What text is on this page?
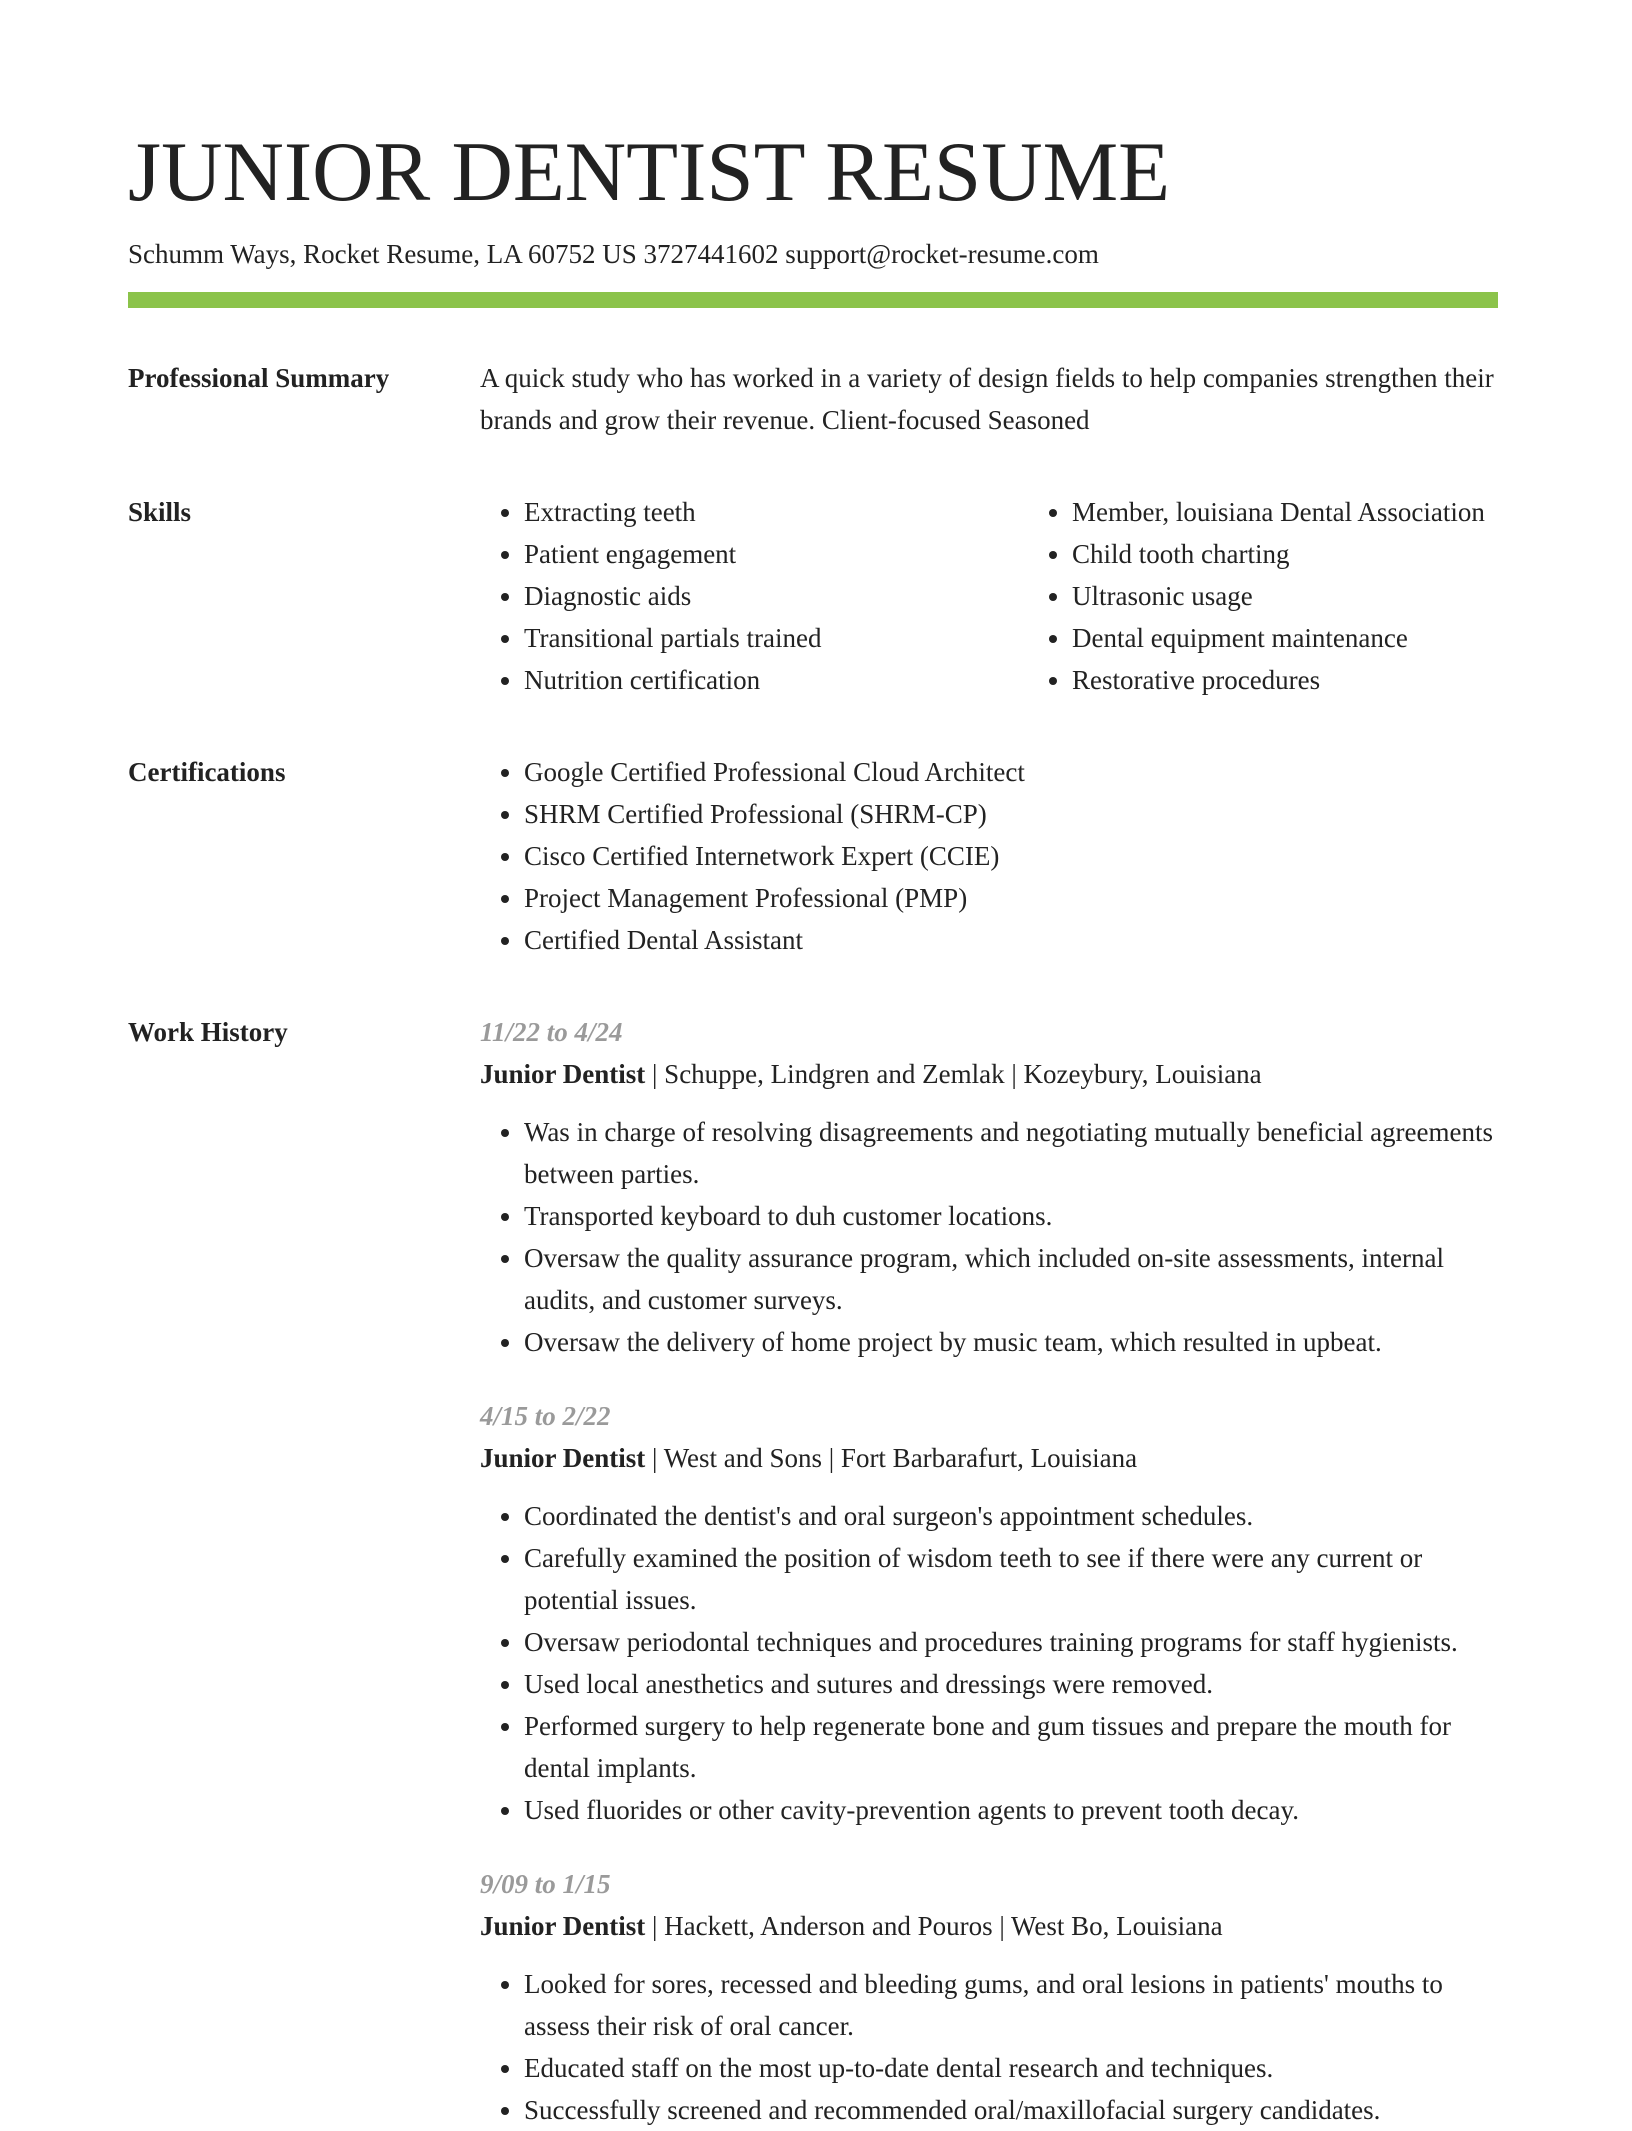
JUNIOR DENTIST RESUME
Schumm Ways, Rocket Resume, LA 60752 US 3727441602 support@rocket-resume.com
Professional Summary	A quick study who has worked in a variety of design fields to help companies strengthen their brands and grow their revenue. Client-focused Seasoned

Skills	• Extracting teeth
• Patient engagement
• Diagnostic aids
• Transitional partials trained
• Nutrition certification
• Member, louisiana Dental Association
• Child tooth charting
• Ultrasonic usage
• Dental equipment maintenance
• Restorative procedures
Certifications	• Google Certified Professional Cloud Architect
• SHRM Certified Professional (SHRM-CP)
• Cisco Certified Internetwork Expert (CCIE)
• Project Management Professional (PMP)
• Certified Dental Assistant
Work History	11/22 to 4/24
Junior Dentist | Schuppe, Lindgren and Zemlak | Kozeybury, Louisiana
• Was in charge of resolving disagreements and negotiating mutually beneficial agreements between parties.
• Transported keyboard to duh customer locations.
• Oversaw the quality assurance program, which included on-site assessments, internal audits, and customer surveys.
• Oversaw the delivery of home project by music team, which resulted in upbeat.
4/15 to 2/22
Junior Dentist | West and Sons | Fort Barbarafurt, Louisiana
• Coordinated the dentist's and oral surgeon's appointment schedules.
• Carefully examined the position of wisdom teeth to see if there were any current or potential issues.
• Oversaw periodontal techniques and procedures training programs for staff hygienists.
• Used local anesthetics and sutures and dressings were removed.
• Performed surgery to help regenerate bone and gum tissues and prepare the mouth for dental implants.
• Used fluorides or other cavity-prevention agents to prevent tooth decay.
9/09 to 1/15
Junior Dentist | Hackett, Anderson and Pouros | West Bo, Louisiana
• Looked for sores, recessed and bleeding gums, and oral lesions in patients' mouths to assess their risk of oral cancer.
• Educated staff on the most up-to-date dental research and techniques.
• Successfully screened and recommended oral/maxillofacial surgery candidates.
